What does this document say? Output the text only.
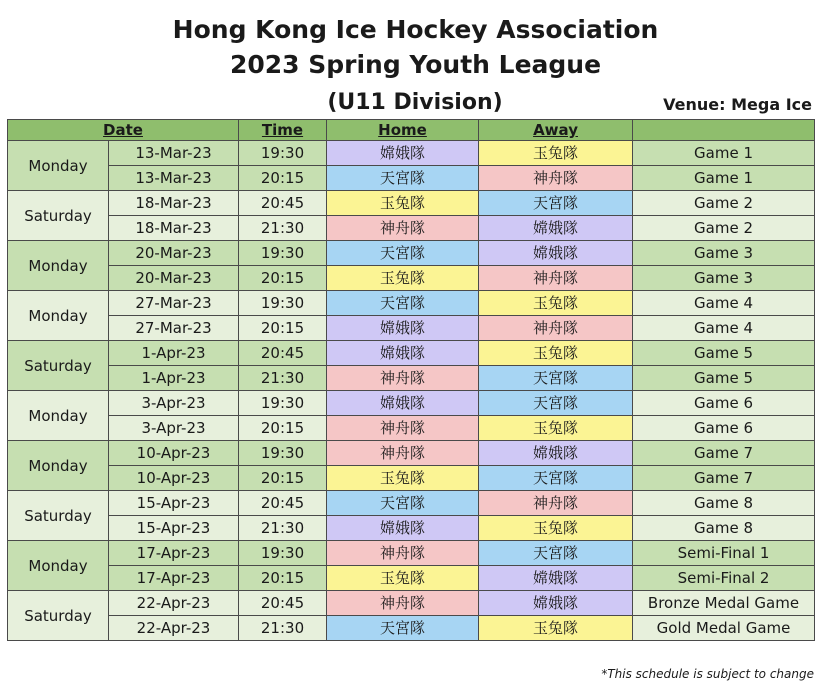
Hong Kong Ice Hockey Association
2023 Spring Youth League
(U11 Division)	Venue: Mega Ice
Date		Time	Home	Away	
Monday	13-Mar-23	19:30	嫦娥隊	玉兔隊	Game 1
	13-Mar-23	20:15	天宮隊	神舟隊	Game 1
Saturday	18-Mar-23	20:45	玉兔隊	天宮隊	Game 2
	18-Mar-23	21:30	神舟隊	嫦娥隊	Game 2
Monday	20-Mar-23	19:30	天宮隊	嫦娥隊	Game 3
	20-Mar-23	20:15	玉兔隊	神舟隊	Game 3
Monday	27-Mar-23	19:30	天宮隊	玉兔隊	Game 4
	27-Mar-23	20:15	嫦娥隊	神舟隊	Game 4
Saturday	1-Apr-23	20:45	嫦娥隊	玉兔隊	Game 5
	1-Apr-23	21:30	神舟隊	天宮隊	Game 5
Monday	3-Apr-23	19:30	嫦娥隊	天宮隊	Game 6
	3-Apr-23	20:15	神舟隊	玉兔隊	Game 6
Monday	10-Apr-23	19:30	神舟隊	嫦娥隊	Game 7
	10-Apr-23	20:15	玉兔隊	天宮隊	Game 7
Saturday	15-Apr-23	20:45	天宮隊	神舟隊	Game 8
	15-Apr-23	21:30	嫦娥隊	玉兔隊	Game 8
Monday	17-Apr-23	19:30	神舟隊	天宮隊	Semi-Final 1
	17-Apr-23	20:15	玉兔隊	嫦娥隊	Semi-Final 2
Saturday	22-Apr-23	20:45	神舟隊	嫦娥隊	Bronze Medal Game
	22-Apr-23	21:30	天宮隊	玉兔隊	Gold Medal Game
*This schedule is subject to change
